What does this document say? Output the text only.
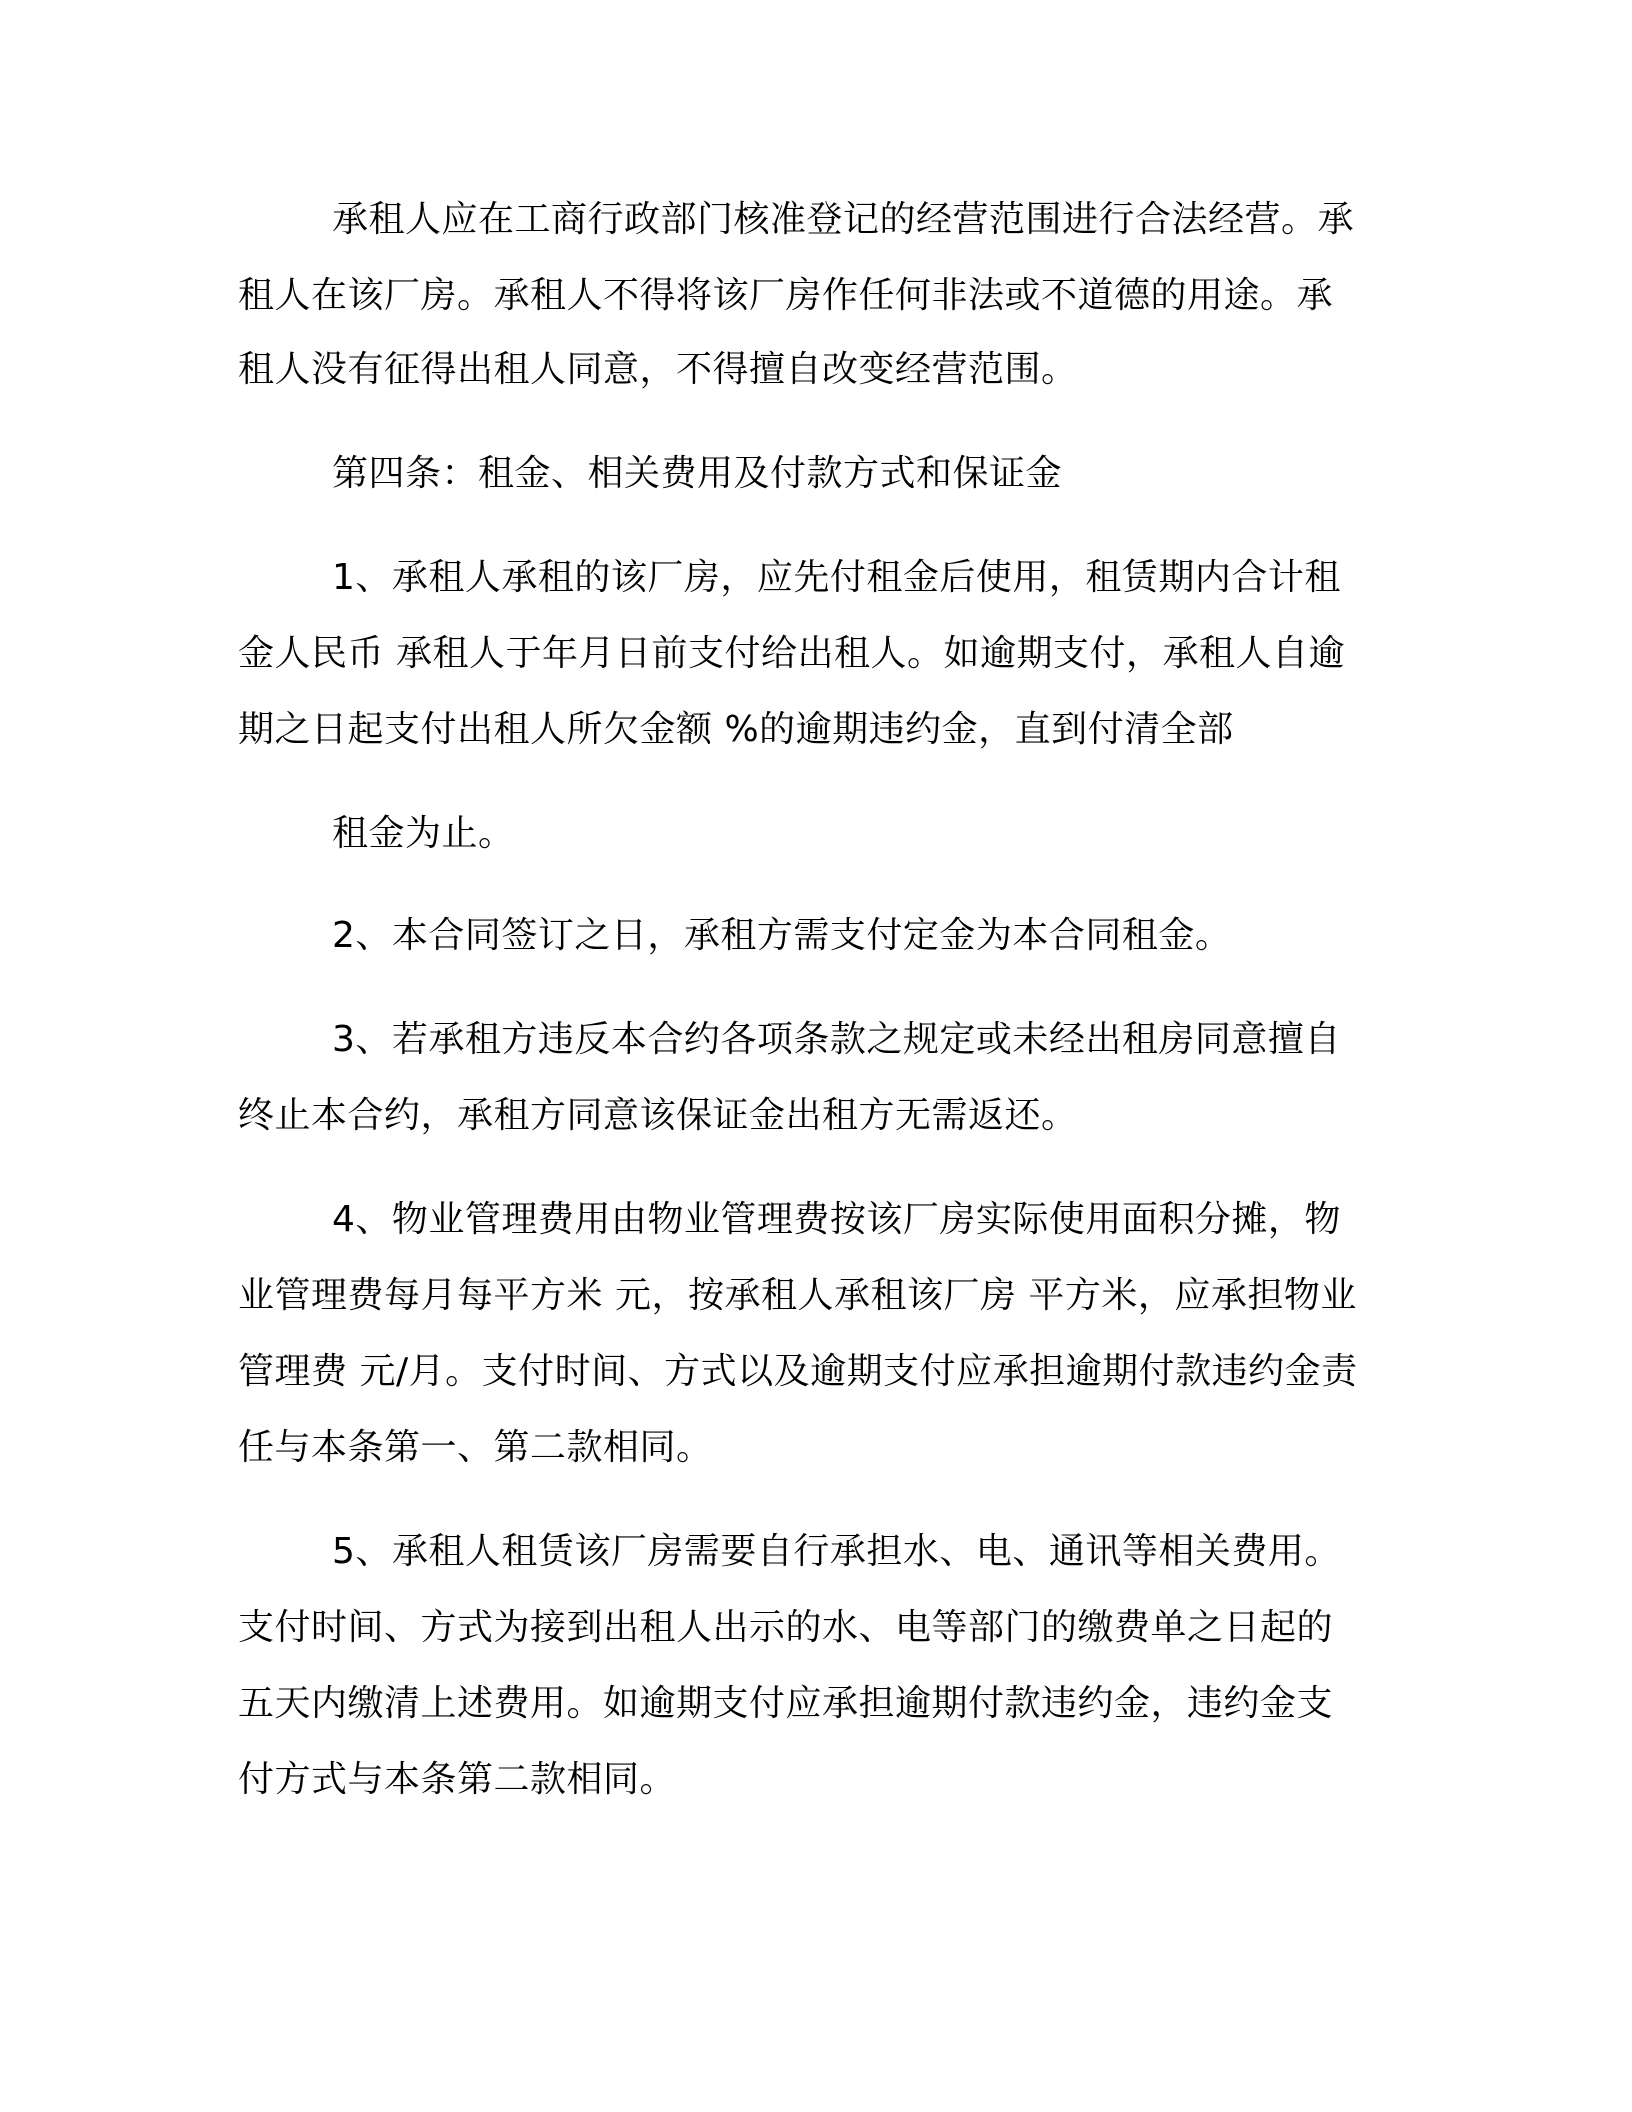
承租人应在工商行政部门核准登记的经营范围进行合法经营。承
租人在该厂房。承租人不得将该厂房作任何非法或不道德的用途。承
租人没有征得出租人同意，不得擅自改变经营范围。
第四条：租金、相关费用及付款方式和保证金
1、承租人承租的该厂房，应先付租金后使用，租赁期内合计租
金人民币 承租人于年月日前支付给出租人。如逾期支付，承租人自逾
期之日起支付出租人所欠金额 %的逾期违约金，直到付清全部
租金为止。
2、本合同签订之日，承租方需支付定金为本合同租金。
3、若承租方违反本合约各项条款之规定或未经出租房同意擅自
终止本合约，承租方同意该保证金出租方无需返还。
4、物业管理费用由物业管理费按该厂房实际使用面积分摊，物
业管理费每月每平方米 元，按承租人承租该厂房 平方米，应承担物业
管理费 元/月。支付时间、方式以及逾期支付应承担逾期付款违约金责
任与本条第一、第二款相同。
5、承租人租赁该厂房需要自行承担水、电、通讯等相关费用。
支付时间、方式为接到出租人出示的水、电等部门的缴费单之日起的
五天内缴清上述费用。如逾期支付应承担逾期付款违约金，违约金支
付方式与本条第二款相同。
